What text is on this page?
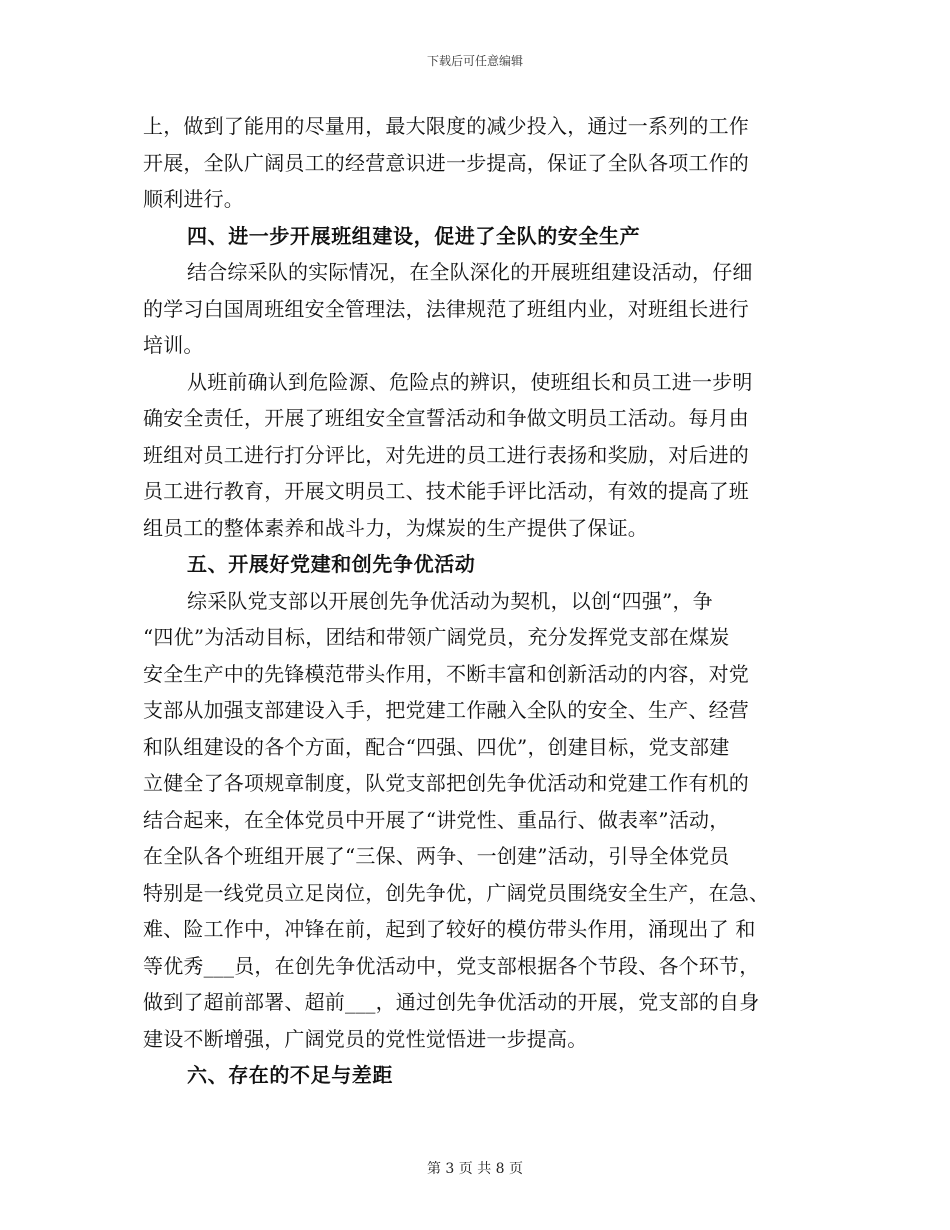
下载后可任意编辑
上，做到了能用的尽量用，最大限度的减少投入，通过一系列的工作
开展，全队广阔员工的经营意识进一步提高，保证了全队各项工作的
顺利进行。
四、进一步开展班组建设，促进了全队的安全生产
结合综采队的实际情况，在全队深化的开展班组建设活动，仔细
的学习白国周班组安全管理法，法律规范了班组内业，对班组长进行
培训。
从班前确认到危险源、危险点的辨识，使班组长和员工进一步明
确安全责任，开展了班组安全宣誓活动和争做文明员工活动。每月由
班组对员工进行打分评比，对先进的员工进行表扬和奖励，对后进的
员工进行教育，开展文明员工、技术能手评比活动，有效的提高了班
组员工的整体素养和战斗力，为煤炭的生产提供了保证。
五、开展好党建和创先争优活动
综采队党支部以开展创先争优活动为契机，以创“四强”，争
“四优”为活动目标，团结和带领广阔党员，充分发挥党支部在煤炭
安全生产中的先锋模范带头作用，不断丰富和创新活动的内容，对党
支部从加强支部建设入手，把党建工作融入全队的安全、生产、经营
和队组建设的各个方面，配合“四强、四优”，创建目标，党支部建
立健全了各项规章制度，队党支部把创先争优活动和党建工作有机的
结合起来，在全体党员中开展了“讲党性、重品行、做表率”活动，
在全队各个班组开展了“三保、两争、一创建”活动，引导全体党员
特别是一线党员立足岗位，创先争优，广阔党员围绕安全生产，在急、
难、险工作中，冲锋在前，起到了较好的模仿带头作用，涌现出了 和
等优秀___员，在创先争优活动中，党支部根据各个节段、各个环节，
做到了超前部署、超前___，通过创先争优活动的开展，党支部的自身
建设不断增强，广阔党员的党性觉悟进一步提高。
六、存在的不足与差距
第 3 页 共 8 页
